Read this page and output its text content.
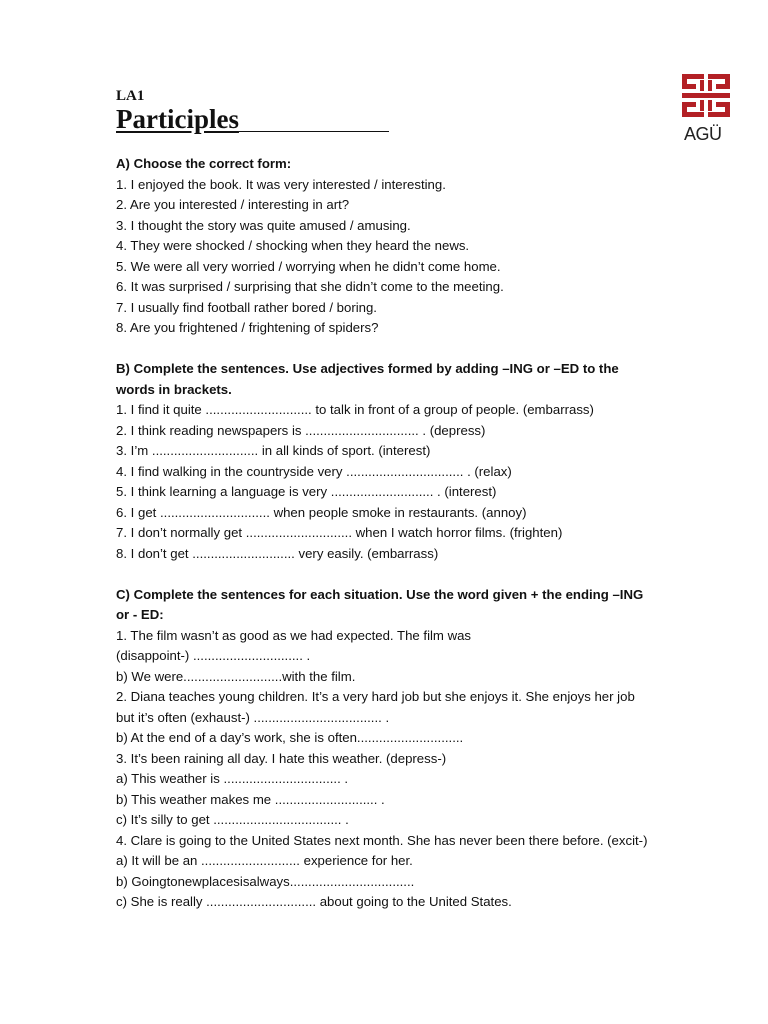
LA1
Participles	AGÜ
A) Choose the correct form:
1. I enjoyed the book. It was very interested / interesting.
2. Are you interested / interesting in art?
3. I thought the story was quite amused / amusing.
4. They were shocked / shocking when they heard the news.
5. We were all very worried / worrying when he didn’t come home.
6. It was surprised / surprising that she didn’t come to the meeting.
7. I usually find football rather bored / boring.
8. Are you frightened / frightening of spiders?
B) Complete the sentences. Use adjectives formed by adding –ING or –ED to the words in brackets.
1. I find it quite ............................. to talk in front of a group of people. (embarrass)
2. I think reading newspapers is ............................... . (depress)
3. I’m ............................. in all kinds of sport. (interest)
4. I find walking in the countryside very ................................ . (relax)
5. I think learning a language is very ............................ . (interest)
6. I get .............................. when people smoke in restaurants. (annoy)
7. I don’t normally get ............................. when I watch horror films. (frighten)
8. I don’t get ............................ very easily. (embarrass)
C) Complete the sentences for each situation. Use the word given + the ending –ING or - ED:
1. The film wasn’t as good as we had expected. The film was
(disappoint-) .............................. .
b) We were...........................with the film.
2. Diana teaches young children. It’s a very hard job but she enjoys it. She enjoys her job but it’s often (exhaust-) ................................... .
b) At the end of a day’s work, she is often.............................
3. It’s been raining all day. I hate this weather. (depress-)
a) This weather is ................................ .
b) This weather makes me ............................ .
c) It’s silly to get ................................... .
4. Clare is going to the United States next month. She has never been there before. (excit-)
a) It will be an ........................... experience for her.
b) Goingtonewplacesisalways..................................
c) She is really .............................. about going to the United States.
